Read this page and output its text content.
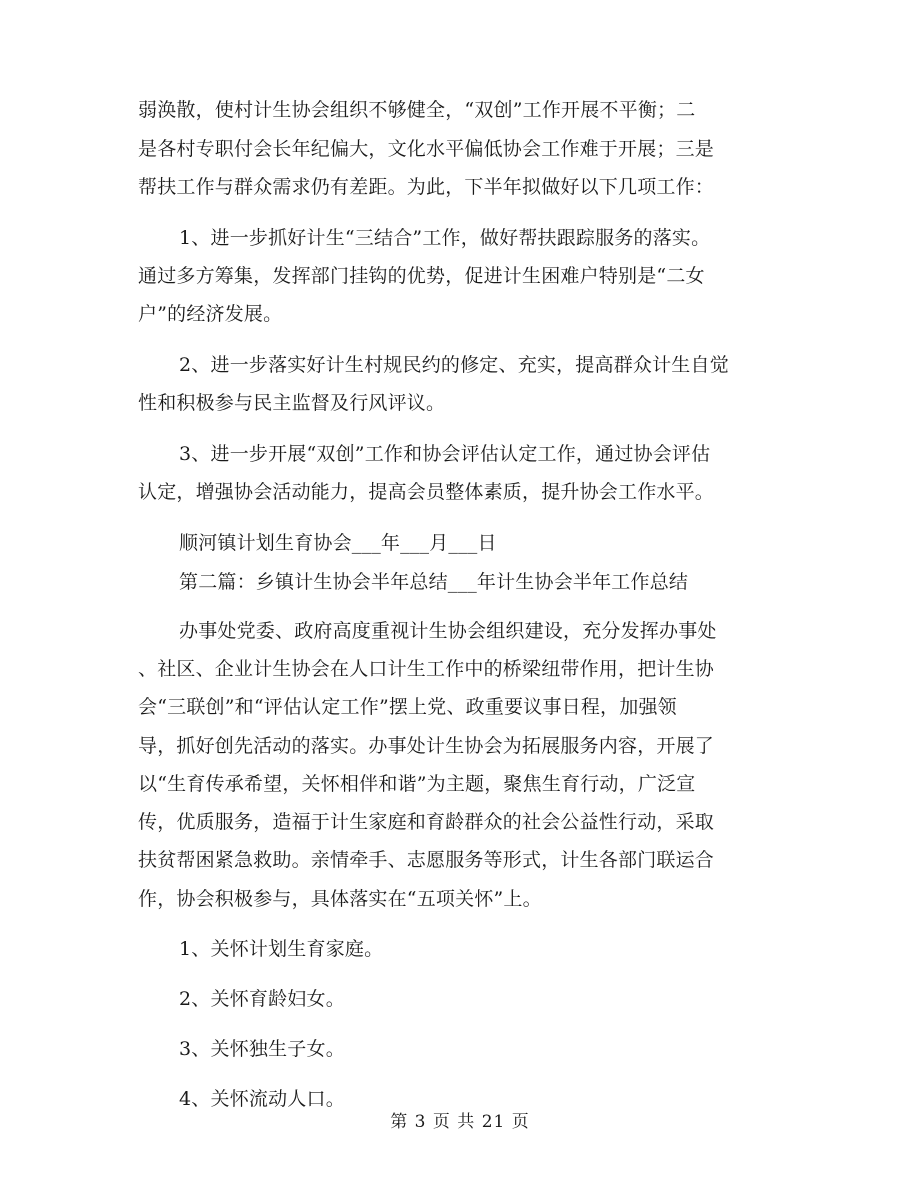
弱涣散，使村计生协会组织不够健全，“双创”工作开展不平衡；二
是各村专职付会长年纪偏大，文化水平偏低协会工作难于开展；三是
帮扶工作与群众需求仍有差距。为此，下半年拟做好以下几项工作：
1、进一步抓好计生“三结合”工作，做好帮扶跟踪服务的落实。
通过多方筹集，发挥部门挂钩的优势，促进计生困难户特别是“二女
户”的经济发展。
2、进一步落实好计生村规民约的修定、充实，提高群众计生自觉
性和积极参与民主监督及行风评议。
3、进一步开展“双创”工作和协会评估认定工作，通过协会评估
认定，增强协会活动能力，提高会员整体素质，提升协会工作水平。
顺河镇计划生育协会___年___月___日
第二篇：乡镇计生协会半年总结___年计生协会半年工作总结
办事处党委、政府高度重视计生协会组织建设，充分发挥办事处
、社区、企业计生协会在人口计生工作中的桥梁纽带作用，把计生协
会“三联创”和“评估认定工作”摆上党、政重要议事日程，加强领
导，抓好创先活动的落实。办事处计生协会为拓展服务内容，开展了
以“生育传承希望，关怀相伴和谐”为主题，聚焦生育行动，广泛宣
传，优质服务，造福于计生家庭和育龄群众的社会公益性行动，采取
扶贫帮困紧急救助。亲情牵手、志愿服务等形式，计生各部门联运合
作，协会积极参与，具体落实在“五项关怀”上。
1、关怀计划生育家庭。
2、关怀育龄妇女。
3、关怀独生子女。
4、关怀流动人口。
第 3 页 共 21 页
